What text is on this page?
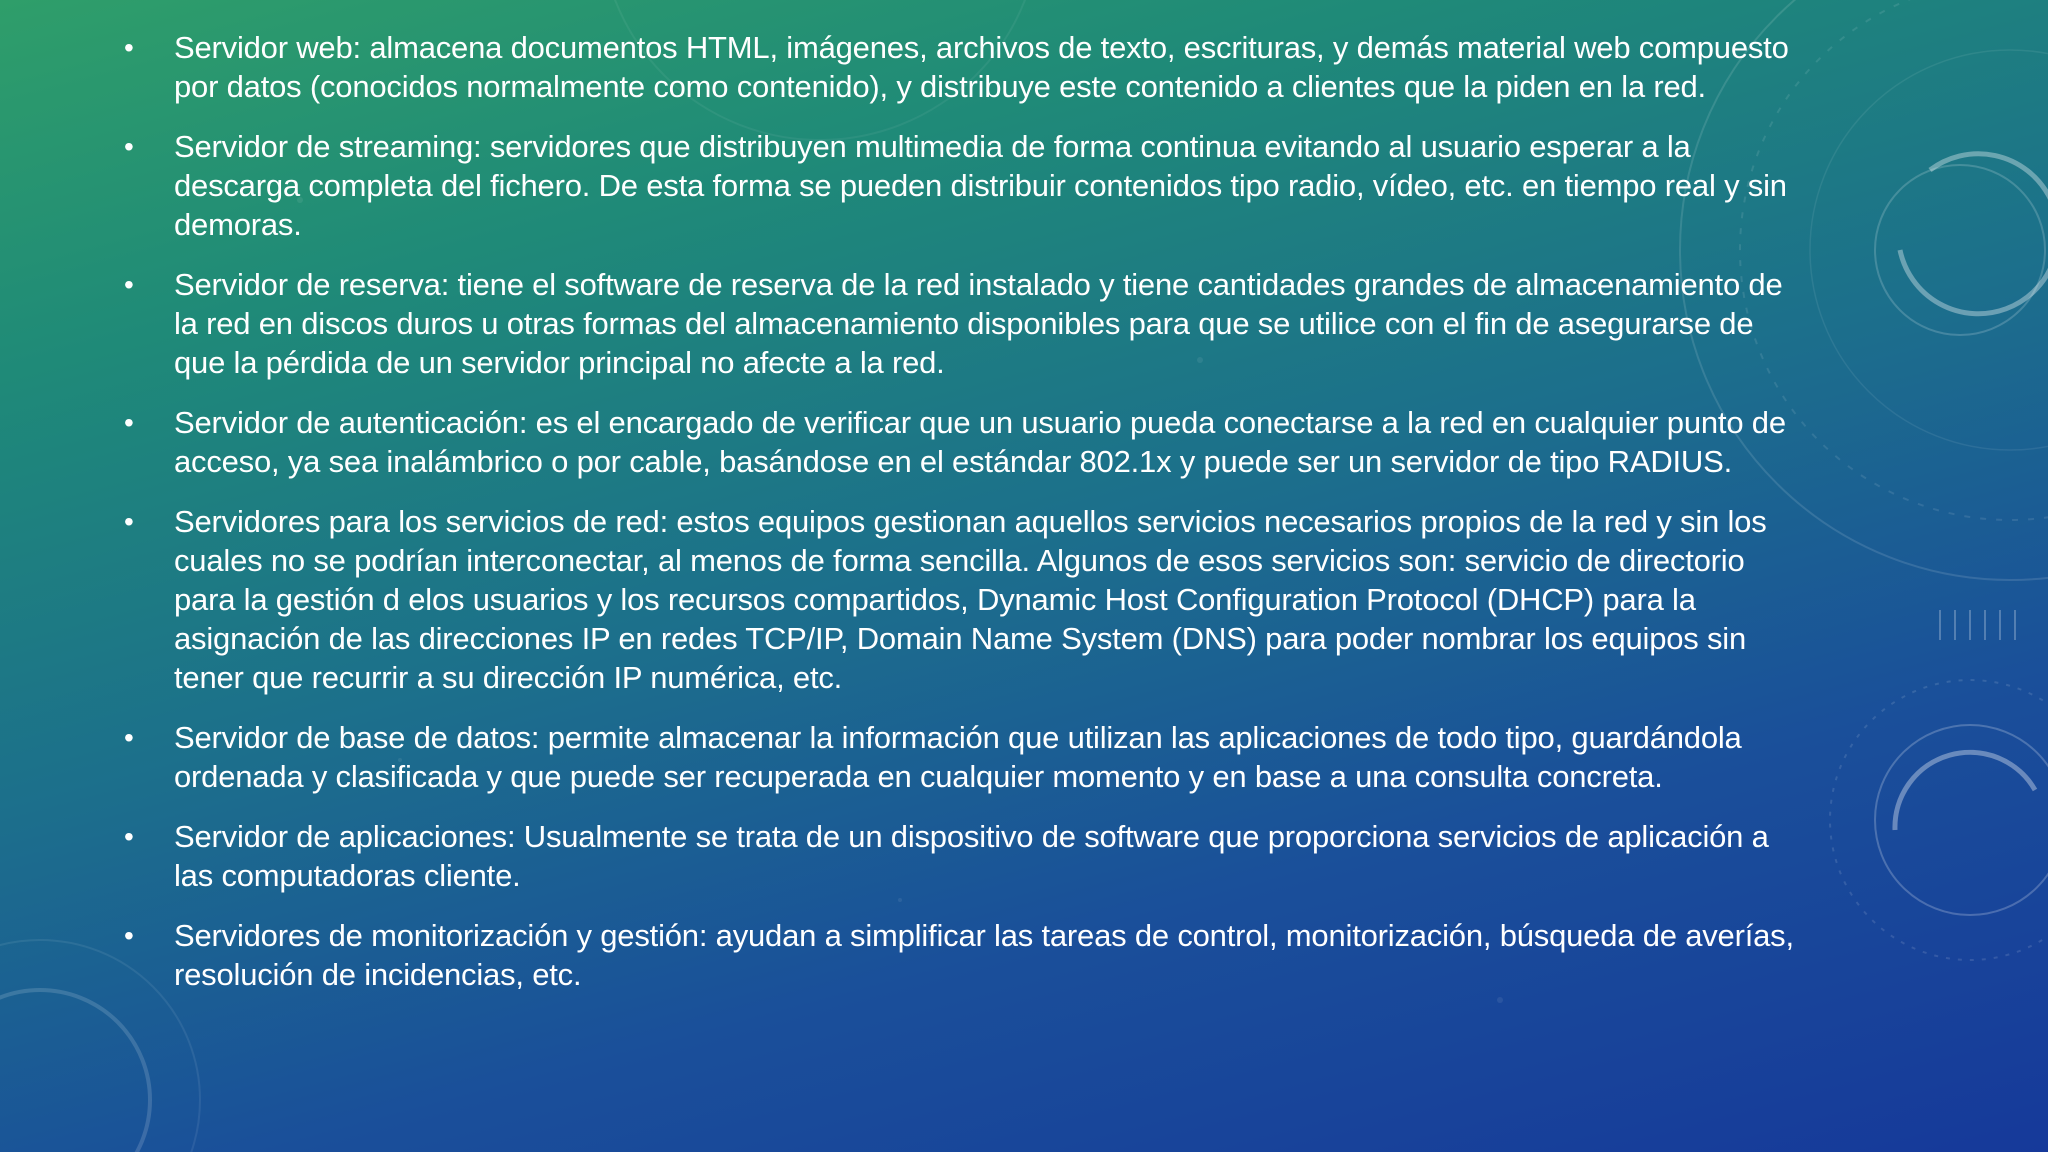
• Servidor web: almacena documentos HTML, imágenes, archivos de texto, escrituras, y demás material web compuesto por datos (conocidos normalmente como contenido), y distribuye este contenido a clientes que la piden en la red.
• Servidor de streaming: servidores que distribuyen multimedia de forma continua evitando al usuario esperar a la descarga completa del fichero. De esta forma se pueden distribuir contenidos tipo radio, vídeo, etc. en tiempo real y sin demoras.
• Servidor de reserva: tiene el software de reserva de la red instalado y tiene cantidades grandes de almacenamiento de la red en discos duros u otras formas del almacenamiento disponibles para que se utilice con el fin de asegurarse de que la pérdida de un servidor principal no afecte a la red.
• Servidor de autenticación: es el encargado de verificar que un usuario pueda conectarse a la red en cualquier punto de acceso, ya sea inalámbrico o por cable, basándose en el estándar 802.1x y puede ser un servidor de tipo RADIUS.
• Servidores para los servicios de red: estos equipos gestionan aquellos servicios necesarios propios de la red y sin los cuales no se podrían interconectar, al menos de forma sencilla. Algunos de esos servicios son: servicio de directorio para la gestión d elos usuarios y los recursos compartidos, Dynamic Host Configuration Protocol (DHCP) para la asignación de las direcciones IP en redes TCP/IP, Domain Name System (DNS) para poder nombrar los equipos sin tener que recurrir a su dirección IP numérica, etc.
• Servidor de base de datos: permite almacenar la información que utilizan las aplicaciones de todo tipo, guardándola ordenada y clasificada y que puede ser recuperada en cualquier momento y en base a una consulta concreta.
• Servidor de aplicaciones: Usualmente se trata de un dispositivo de software que proporciona servicios de aplicación a las computadoras cliente.
• Servidores de monitorización y gestión: ayudan a simplificar las tareas de control, monitorización, búsqueda de averías, resolución de incidencias, etc.
